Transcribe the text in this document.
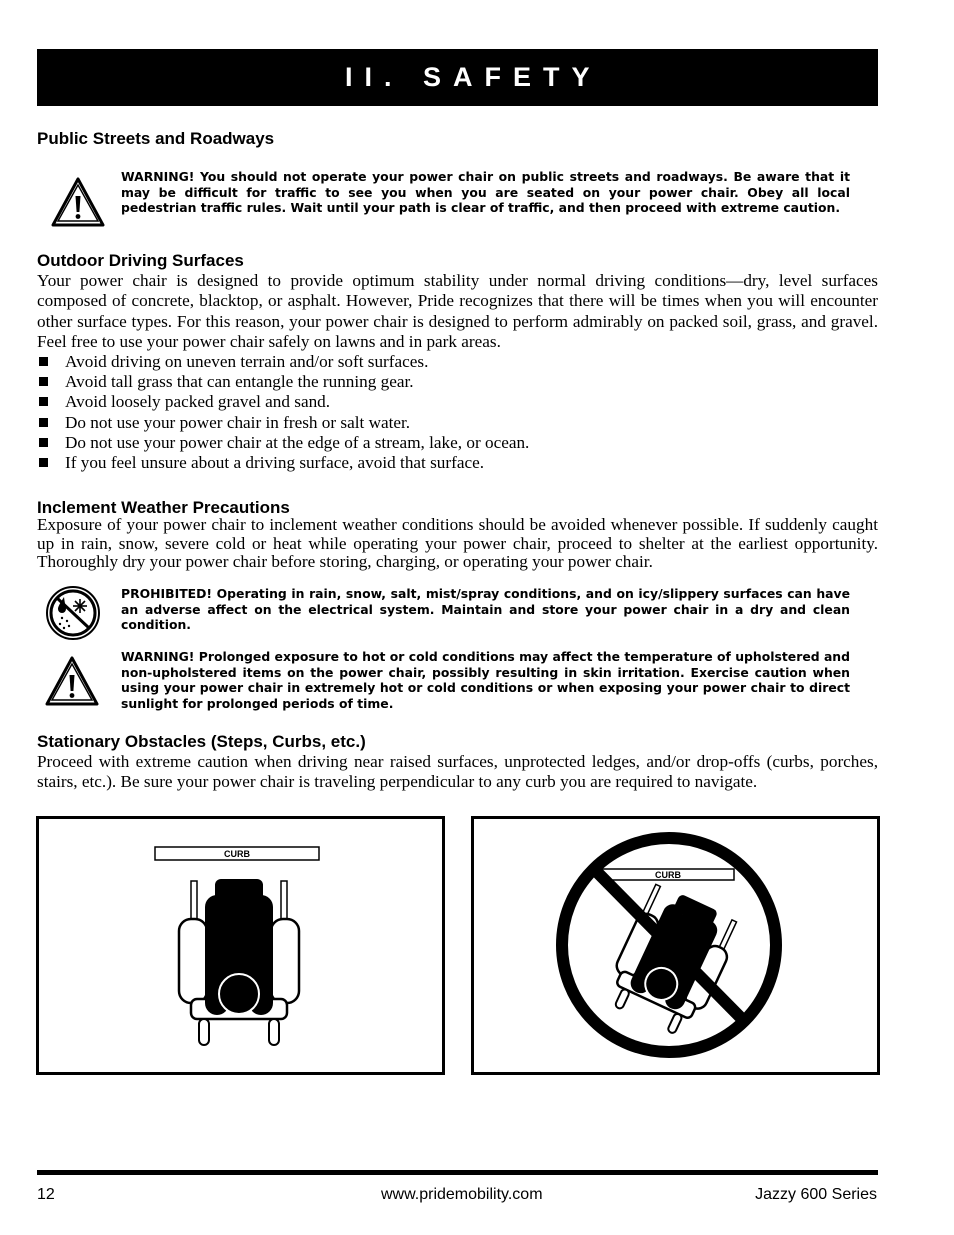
II. SAFETY
Public Streets and Roadways

WARNING! You should not operate your power chair on public streets and roadways. Be aware that it may be difficult for traffic to see you when you are seated on your power chair. Obey all local pedestrian traffic rules. Wait until your path is clear of traffic, and then proceed with extreme caution.

Outdoor Driving Surfaces

Your power chair is designed to provide optimum stability under normal driving conditions—dry, level surfaces composed of concrete, blacktop, or asphalt. However, Pride recognizes that there will be times when you will encounter other surface types. For this reason, your power chair is designed to perform admirably on packed soil, grass, and gravel. Feel free to use your power chair safely on lawns and in park areas.

Avoid driving on uneven terrain and/or soft surfaces.
Avoid tall grass that can entangle the running gear.
Avoid loosely packed gravel and sand.
Do not use your power chair in fresh or salt water.
Do not use your power chair at the edge of a stream, lake, or ocean.
If you feel unsure about a driving surface, avoid that surface.
Inclement Weather Precautions

Exposure of your power chair to inclement weather conditions should be avoided whenever possible. If suddenly caught up in rain, snow, severe cold or heat while operating your power chair, proceed to shelter at the earliest opportunity. Thoroughly dry your power chair before storing, charging, or operating your power chair.

PROHIBITED! Operating in rain, snow, salt, mist/spray conditions, and on icy/slippery surfaces can have an adverse affect on the electrical system. Maintain and store your power chair in a dry and clean condition.

WARNING! Prolonged exposure to hot or cold conditions may affect the temperature of upholstered and non-upholstered items on the power chair, possibly resulting in skin irritation. Exercise caution when using your power chair in extremely hot or cold conditions or when exposing your power chair to direct sunlight for prolonged periods of time.

Stationary Obstacles (Steps, Curbs, etc.)

Proceed with extreme caution when driving near raised surfaces, unprotected ledges, and/or drop-offs (curbs, porches, stairs, etc.). Be sure your power chair is traveling perpendicular to any curb you are required to navigate.

CURB
CURB
12	www.pridemobility.com	Jazzy 600 Series
